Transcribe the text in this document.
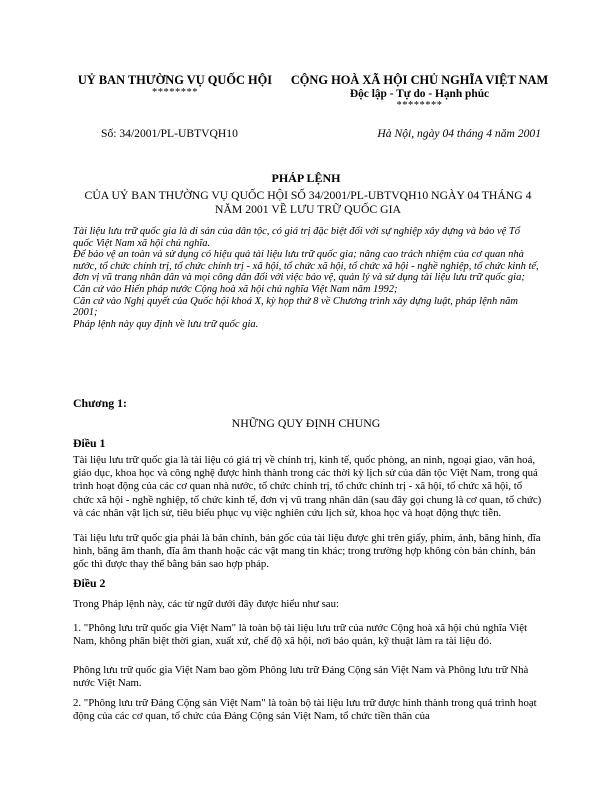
UỶ BAN THƯỜNG VỤ QUỐC HỘI
********
CỘNG HOÀ XÃ HỘI CHỦ NGHĨA VIỆT NAM
Độc lập - Tự do - Hạnh phúc
********
Số: 34/2001/PL-UBTVQH10	Hà Nội, ngày 04 tháng 4 năm 2001
PHÁP LỆNH
CỦA UỶ BAN THƯỜNG VỤ QUỐC HỘI SỐ 34/2001/PL-UBTVQH10 NGÀY 04 THÁNG 4 NĂM 2001 VỀ LƯU TRỮ QUỐC GIA

Tài liệu lưu trữ quốc gia là di sản của dân tộc, có giá trị đặc biệt đối với sự nghiệp xây dựng và bảo vệ Tổ quốc Việt Nam xã hội chủ nghĩa.

Để bảo vệ an toàn và sử dụng có hiệu quả tài liệu lưu trữ quốc gia; nâng cao trách nhiệm của cơ quan nhà nước, tổ chức chính trị, tổ chức chính trị - xã hội, tổ chức xã hội, tổ chức xã hội - nghề nghiệp, tổ chức kinh tế, đơn vị vũ trang nhân dân và mọi công dân đối với việc bảo vệ, quản lý và sử dụng tài liệu lưu trữ quốc gia;

Căn cứ vào Hiến pháp nước Cộng hoà xã hội chủ nghĩa Việt Nam năm 1992;

Căn cứ vào Nghị quyết của Quốc hội khoá X, kỳ họp thứ 8 về Chương trình xây dựng luật, pháp lệnh năm 2001;

Pháp lệnh này quy định về lưu trữ quốc gia.

Chương 1:
NHỮNG QUY ĐỊNH CHUNG
Điều 1

Tài liệu lưu trữ quốc gia là tài liệu có giá trị về chính trị, kinh tế, quốc phòng, an ninh, ngoại giao, văn hoá, giáo dục, khoa học và công nghệ được hình thành trong các thời kỳ lịch sử của dân tộc Việt Nam, trong quá trình hoạt động của các cơ quan nhà nước, tổ chức chính trị, tổ chức chính trị - xã hội, tổ chức xã hội, tổ chức xã hội - nghề nghiệp, tổ chức kinh tế, đơn vị vũ trang nhân dân (sau đây gọi chung là cơ quan, tổ chức) và các nhân vật lịch sử, tiêu biểu phục vụ việc nghiên cứu lịch sử, khoa học và hoạt động thực tiễn.

Tài liệu lưu trữ quốc gia phải là bản chính, bản gốc của tài liệu được ghi trên giấy, phim, ảnh, băng hình, đĩa hình, băng âm thanh, đĩa âm thanh hoặc các vật mang tin khác; trong trường hợp không còn bản chính, bản gốc thì được thay thế bằng bản sao hợp pháp.

Điều 2

Trong Pháp lệnh này, các từ ngữ dưới đây được hiểu như sau:

1. "Phông lưu trữ quốc gia Việt Nam" là toàn bộ tài liệu lưu trữ của nước Cộng hoà xã hội chủ nghĩa Việt Nam, không phân biệt thời gian, xuất xứ, chế độ xã hội, nơi bảo quản, kỹ thuật làm ra tài liệu đó.

Phông lưu trữ quốc gia Việt Nam bao gồm Phông lưu trữ Đảng Cộng sản Việt Nam và Phông lưu trữ Nhà nước Việt Nam.

2. "Phông lưu trữ Đảng Cộng sản Việt Nam" là toàn bộ tài liệu lưu trữ được hình thành trong quá trình hoạt động của các cơ quan, tổ chức của Đảng Cộng sản Việt Nam, tổ chức tiền thân của
